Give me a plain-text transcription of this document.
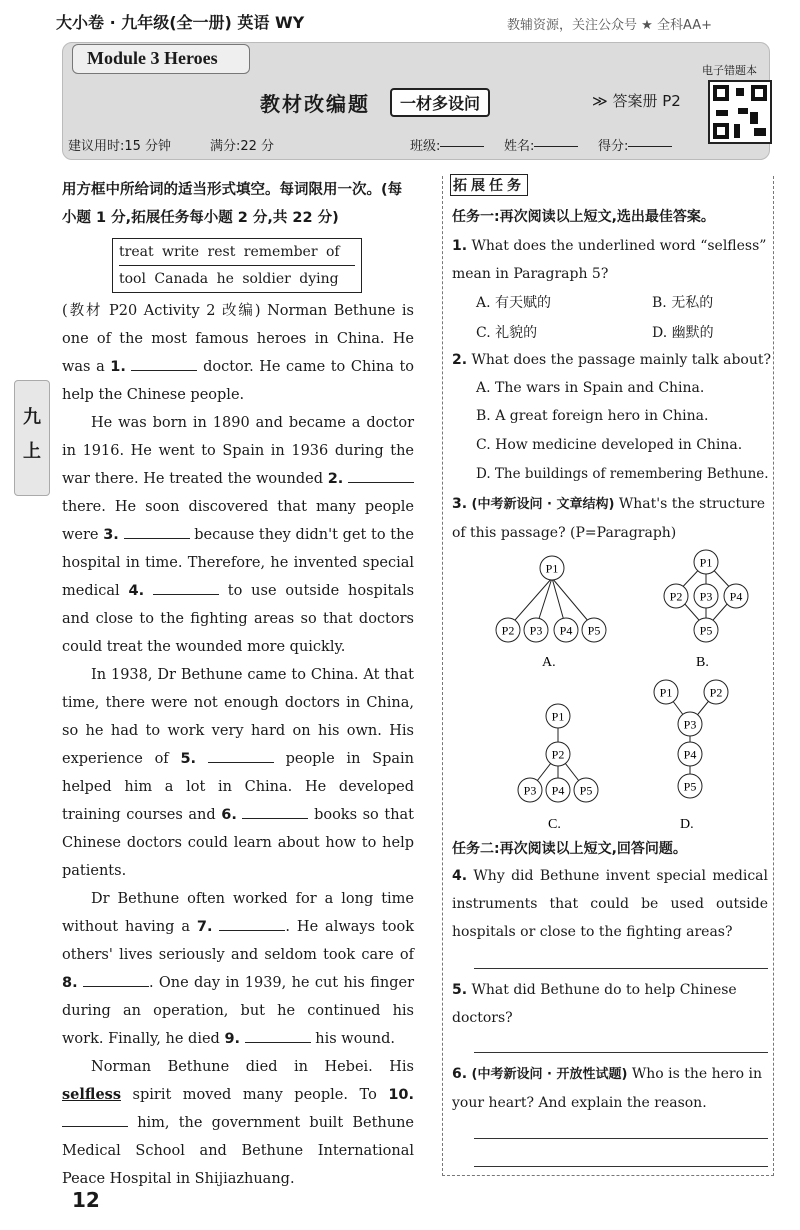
大小卷 · 九年级(全一册) 英语 WY	教辅资源，关注公众号 ★ 全科AA+
Module 3 Heroes
教材改编题	一材多设问	≫ 答案册 P2
电子错题本
建议用时:15 分钟	满分:22 分	班级:	姓名:	得分:
九
上
用方框中所给词的适当形式填空。每词限用一次。(每小题 1 分,拓展任务每小题 2 分,共 22 分)
treat write rest remember of
tool Canada he soldier dying
(教材 P20 Activity 2 改编) Norman Bethune is one of the most famous heroes in China. He was a 1.	doctor. He came to China to help the Chinese people.
He was born in 1890 and became a doctor in 1916. He went to Spain in 1936 during the war there. He treated the wounded 2.  there. He soon discovered that many people were 3.	because they didn't get to the hospital in time. Therefore, he invented special medical 4.	to use outside hospitals and close to the fighting areas so that doctors could treat the wounded more quickly.
In 1938, Dr Bethune came to China. At that time, there were not enough doctors in China, so he had to work very hard on his own. His experience of 5.	people in Spain helped him a lot in China. He developed training courses and 6.	books so that Chinese doctors could learn about how to help patients.
Dr Bethune often worked for a long time without having a 7.	. He always took others' lives seriously and seldom took care of 8.	. One day in 1939, he cut his finger during an operation, but he continued his work. Finally, he died 9.	his wound.
Norman Bethune died in Hebei. His selfless spirit moved many people. To 10.  him, the government built Bethune Medical School and Bethune International Peace Hospital in Shijiazhuang.
拓展任务
任务一:再次阅读以上短文,选出最佳答案。
1. What does the underlined word “selfless” mean in Paragraph 5?
A. 有天赋的	B. 无私的
C. 礼貌的	D. 幽默的
2. What does the passage mainly talk about?
A. The wars in Spain and China.
B. A great foreign hero in China.
C. How medicine developed in China.
D. The buildings of remembering Bethune.
3. (中考新设问 · 文章结构) What's the structure of this passage? (P=Paragraph)
P1
P2 P3 P4 P5
P1
P2 P3 P4
P5
P1
P2
P3 P4 P5
P1	P2
P3
P4
P5
A.	B.
C.	D.
任务二:再次阅读以上短文,回答问题。
4. Why did Bethune invent special medical instruments that could be used outside hospitals or close to the fighting areas?
5. What did Bethune do to help Chinese doctors?
6. (中考新设问 · 开放性试题) Who is the hero in your heart? And explain the reason.
12
